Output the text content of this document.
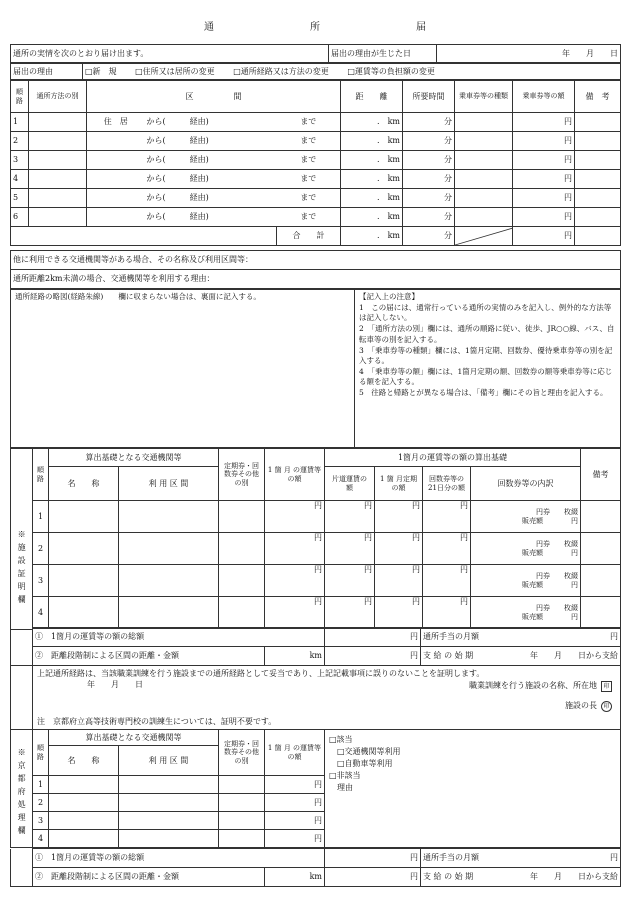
通	所	届
通所の実情を次のとおり届け出ます。	届出の理由が生じた日	年　　月　　日
届出の理由	□新　規 □住所又は居所の変更 □通所経路又は方法の変更 □運賃等の負担額の変更
順路	通所方法の別	区　　　　　間			距　　離	所要時間	乗車券等の種類	乗車券等の額	備　考
1		住　居	から(　　　経由)	まで	.　km	分		円	
2			から(　　　経由)	まで	.　km	分		円	
3			から(　　　経由)	まで	.　km	分		円	
4			から(　　　経由)	まで	.　km	分		円	
5			から(　　　経由)	まで	.　km	分		円	
6			から(　　　経由)	まで	.　km	分		円	
				合　　計	.　km	分		円	
他に利用できる交通機関等がある場合、その名称及び利用区間等：
通所距離2km未満の場合、交通機関等を利用する理由：
通所経路の略図(経路朱線)　　欄に収まらない場合は、裏面に記入する。	【記入上の注意】
1　この届には、通常行っている通所の実情のみを記入し、例外的な方法等は記入しない。
2　「通所方法の別」欄には、通所の順路に従い、徒歩、JR○○線、バス、自転車等の別を記入する。
3　「乗車券等の種類」欄には、1箇月定期、回数券、優待乗車券等の別を記入する。
4　「乗車券等の額」欄には、1箇月定期の額、回数券の額等乗車券等に応じる額を記入する。
5　往路と帰路とが異なる場合は、「備考」欄にその旨と理由を記入する。
※施設証明欄	順路	算出基礎となる交通機関等		定期券・回数券その他の別	1 箇 月 の運賃等の額	1箇月の運賃等の額の算出基礎				備考
		名　　称	利 用 区 間			片道運賃の　額	1 箇 月定期の額	回数券等の21日分の額	回数券等の内訳	
	1				円	円	円	円	円券　　枚綴
販売額　　　　円	

	2				円	円	円	円	円券　　枚綴
販売額　　　　円	

	3				円	円	円	円	円券　　枚綴
販売額　　　　円	

	4				円	円	円	円	円券　　枚綴
販売額　　　　円	

	①　1箇月の運賃等の額の総額		円	通所手当の月額 円

	②　距離段階制による区間の距離・金額	km	円	支 給 の 始 期 年　　月　　日から支給

上記通所経路は、当該職業訓練を行う施設までの通所経路として妥当であり、上記記載事項に誤りのないことを証明します。
年　　月　　日	職業訓練を行う施設の名称、所在地 印
施設の長 印
注　京都府立高等技術専門校の訓練生については、証明不要です。
※京都府処理欄	順路	算出基礎となる交通機関等		定期券・回数券その他の別	1 箇 月 の運賃等の額	□該当
□交通機関等利用
□自動車等利用
□非該当
理由

		名　　称	利 用 区 間			
	1				円	
	2				円	
	3				円	
	4				円	
	①　1箇月の運賃等の額の総額		円	通所手当の月額 円

	②　距離段階制による区間の距離・金額	km	円	支 給 の 始 期 年　　月　　日から支給
